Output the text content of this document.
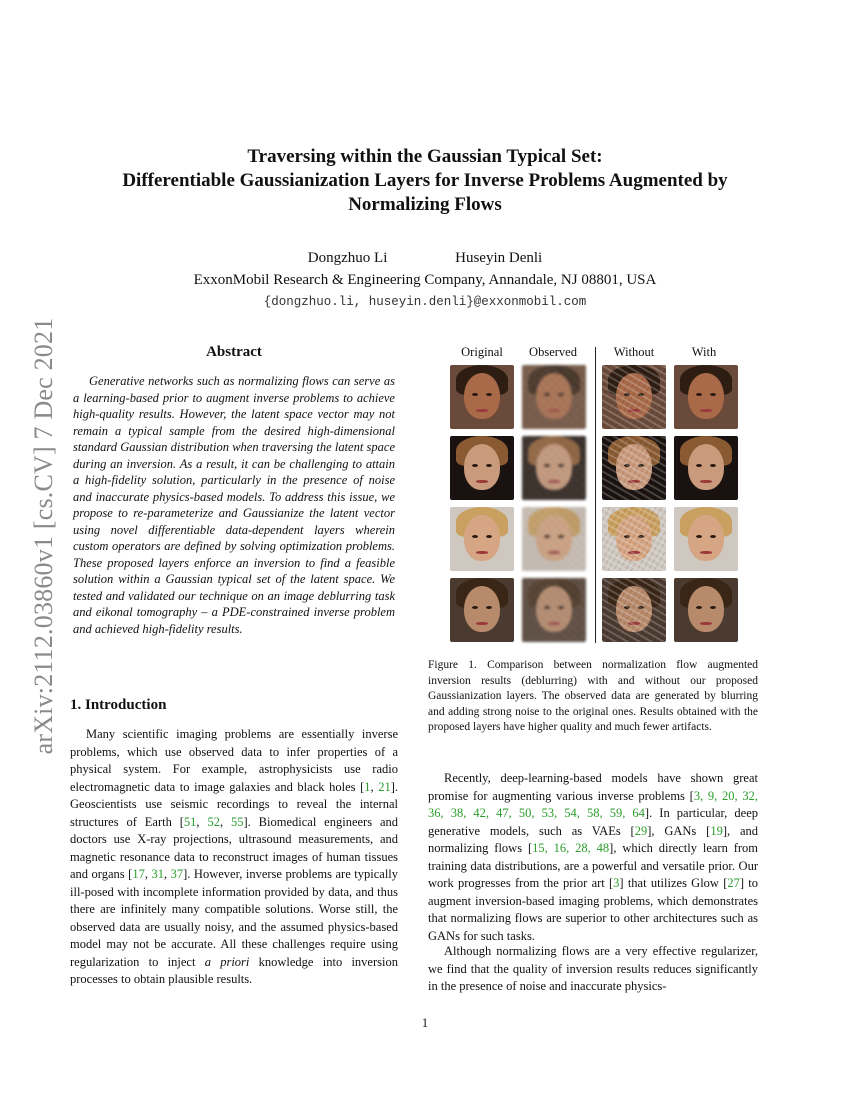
arXiv:2112.03860v1 [cs.CV] 7 Dec 2021
Traversing within the Gaussian Typical Set:
Differentiable Gaussianization Layers for Inverse Problems Augmented by
Normalizing Flows
Dongzhuo Li	Huseyin Denli
ExxonMobil Research & Engineering Company, Annandale, NJ 08801, USA
{dongzhuo.li, huseyin.denli}@exxonmobil.com
Abstract

Generative networks such as normalizing flows can serve as a learning-based prior to augment inverse problems to achieve high-quality results. However, the latent space vector may not remain a typical sample from the desired high-dimensional standard Gaussian distribution when traversing the latent space during an inversion. As a result, it can be challenging to attain a high-fidelity solution, particularly in the presence of noise and inaccurate physics-based models. To address this issue, we propose to re-parameterize and Gaussianize the latent vector using novel differentiable data-dependent layers wherein custom operators are defined by solving optimization problems. These proposed layers enforce an inversion to find a feasible solution within a Gaussian typical set of the latent space. We tested and validated our technique on an image deblurring task and eikonal tomography – a PDE-constrained inverse problem and achieved high-fidelity results.

1. Introduction

Many scientific imaging problems are essentially inverse problems, which use observed data to infer properties of a physical system. For example, astrophysicists use radio electromagnetic data to image galaxies and black holes [1, 21]. Geoscientists use seismic recordings to reveal the internal structures of Earth [51, 52, 55]. Biomedical engineers and doctors use X-ray projections, ultrasound measurements, and magnetic resonance data to reconstruct images of human tissues and organs [17, 31, 37]. However, inverse problems are typically ill-posed with incomplete information provided by data, and thus there are infinitely many compatible solutions. Worse still, the observed data are usually noisy, and the assumed physics-based model may not be accurate. All these challenges require using regularization to inject a priori knowledge into inversion processes to obtain plausible results.

Original	Observed	Without	With

Figure 1. Comparison between normalization flow augmented inversion results (deblurring) with and without our proposed Gaussianization layers. The observed data are generated by blurring and adding strong noise to the original ones. Results obtained with the proposed layers have higher quality and much fewer artifacts.

Recently, deep-learning-based models have shown great promise for augmenting various inverse problems [3, 9, 20, 32, 36, 38, 42, 47, 50, 53, 54, 58, 59, 64]. In particular, deep generative models, such as VAEs [29], GANs [19], and normalizing flows [15, 16, 28, 48], which directly learn from training data distributions, are a powerful and versatile prior. Our work progresses from the prior art [3] that utilizes Glow [27] to augment inversion-based imaging problems, which demonstrates that normalizing flows are superior to other architectures such as GANs for such tasks.

Although normalizing flows are a very effective regularizer, we find that the quality of inversion results reduces significantly in the presence of noise and inaccurate physics-

1
